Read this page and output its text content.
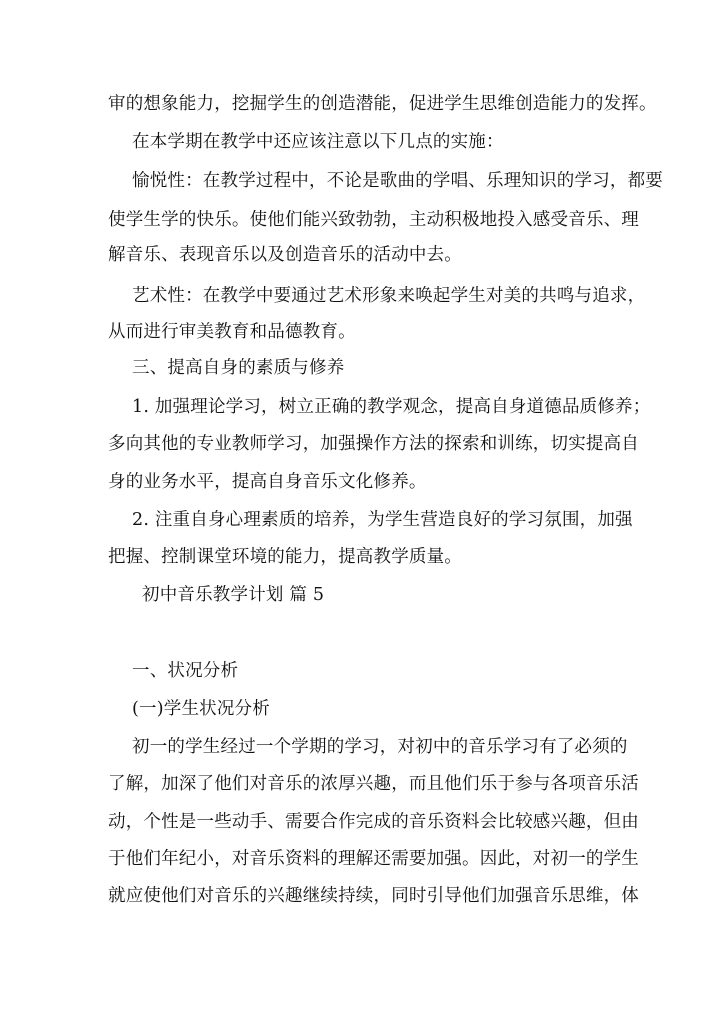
审的想象能力，挖掘学生的创造潜能，促进学生思维创造能力的发挥。
在本学期在教学中还应该注意以下几点的实施：
愉悦性：在教学过程中，不论是歌曲的学唱、乐理知识的学习，都要
使学生学的快乐。使他们能兴致勃勃，主动积极地投入感受音乐、理
解音乐、表现音乐以及创造音乐的活动中去。
艺术性：在教学中要通过艺术形象来唤起学生对美的共鸣与追求，
从而进行审美教育和品德教育。
三、提高自身的素质与修养
1. 加强理论学习，树立正确的教学观念，提高自身道德品质修养；
多向其他的专业教师学习，加强操作方法的探索和训练，切实提高自
身的业务水平，提高自身音乐文化修养。
2. 注重自身心理素质的培养，为学生营造良好的学习氛围，加强
把握、控制课堂环境的能力，提高教学质量。
初中音乐教学计划 篇 5
一、状况分析
(一)学生状况分析
初一的学生经过一个学期的学习，对初中的音乐学习有了必须的
了解，加深了他们对音乐的浓厚兴趣，而且他们乐于参与各项音乐活
动，个性是一些动手、需要合作完成的音乐资料会比较感兴趣，但由
于他们年纪小，对音乐资料的理解还需要加强。因此，对初一的学生
就应使他们对音乐的兴趣继续持续，同时引导他们加强音乐思维，体
